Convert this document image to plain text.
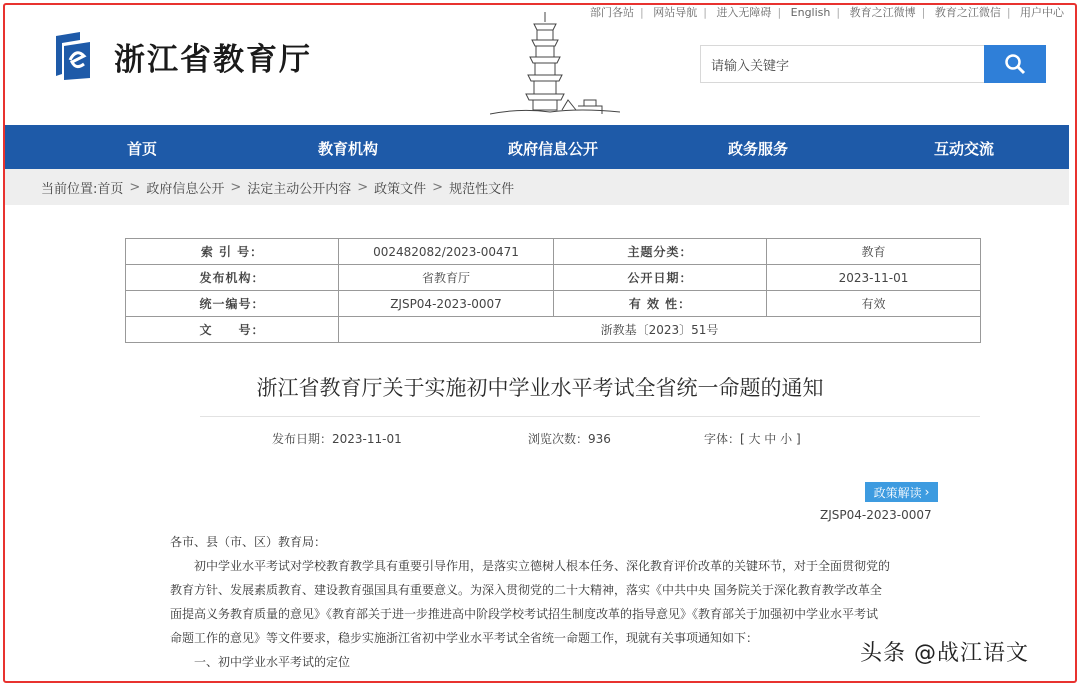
部门各站 | 网站导航 | 进入无障碍 | English | 教育之江微博 | 教育之江微信 | 用户中心
浙江省教育厅	请输入关键字
首页	教育机构	政府信息公开	政务服务	互动交流
当前位置: 首页 > 政府信息公开 > 法定主动公开内容 > 政策文件 > 规范性文件
索 引 号：	002482082/2023-00471	主题分类：	教育
发布机构：	省教育厅	公开日期：	2023-11-01
统一编号：	ZJSP04-2023-0007	有 效 性：	有效
文　　号：	浙教基〔2023〕51号		
浙江省教育厅关于实施初中学业水平考试全省统一命题的通知
发布日期：2023-11-01	浏览次数：936	字体：[ 大 中 小 ]
政策解读 ›
ZJSP04-2023-0007

各市、县（市、区）教育局：

初中学业水平考试对学校教育教学具有重要引导作用，是落实立德树人根本任务、深化教育评价改革的关键环节，对于全面贯彻党的

教育方针、发展素质教育、建设教育强国具有重要意义。为深入贯彻党的二十大精神，落实《中共中央 国务院关于深化教育教学改革全

面提高义务教育质量的意见》《教育部关于进一步推进高中阶段学校考试招生制度改革的指导意见》《教育部关于加强初中学业水平考试

命题工作的意见》等文件要求，稳步实施浙江省初中学业水平考试全省统一命题工作，现就有关事项通知如下：

一、初中学业水平考试的定位	头条 @战江语文
